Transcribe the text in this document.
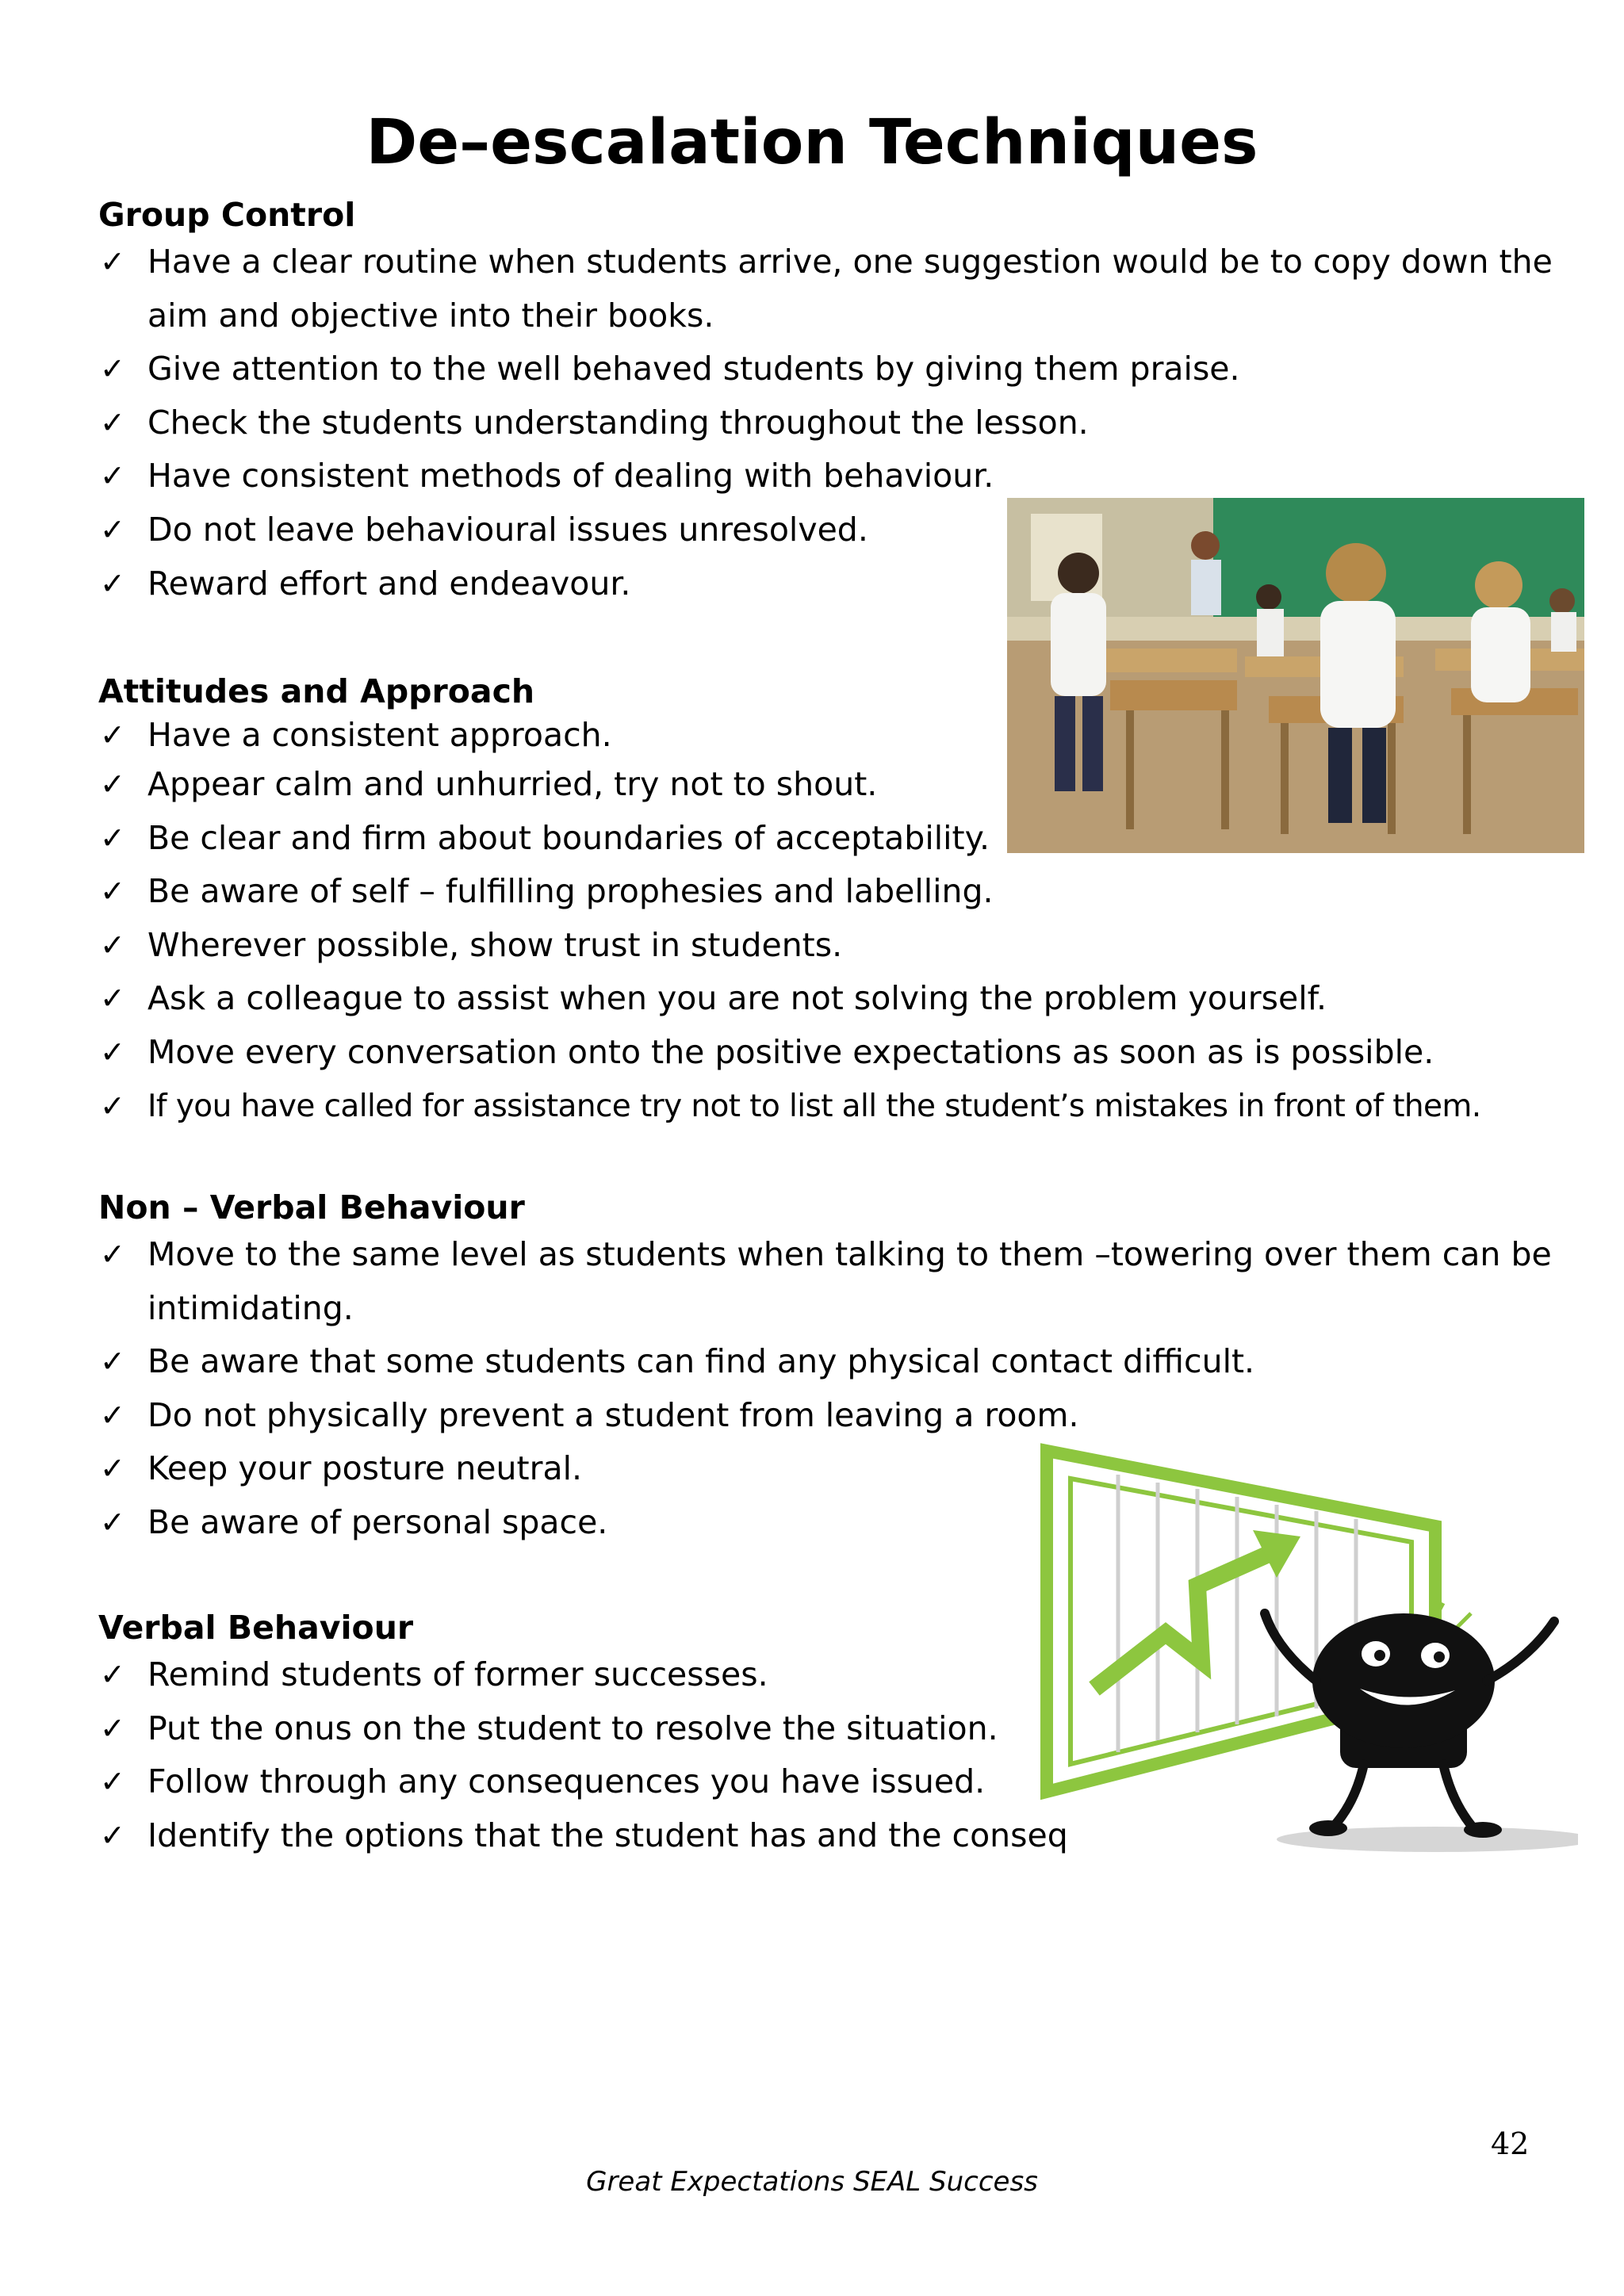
De–escalation Techniques
Group Control
✓ Have a clear routine when students arrive, one suggestion would be to copy down the aim and objective into their books.
✓ Give attention to the well behaved students by giving them praise.
✓ Check the students understanding throughout the lesson.
✓ Have consistent methods of dealing with behaviour.
✓ Do not leave behavioural issues unresolved.
✓ Reward effort and endeavour.
Attitudes and Approach
✓ Have a consistent approach.
✓ Appear calm and unhurried, try not to shout.
✓ Be clear and firm about boundaries of acceptability.
✓ Be aware of self – fulfilling prophesies and labelling.
✓ Wherever possible, show trust in students.
✓ Ask a colleague to assist when you are not solving the problem yourself.
✓ Move every conversation onto the positive expectations as soon as is possible.
✓ If you have called for assistance try not to list all the student’s mistakes in front of them.
Non – Verbal Behaviour
✓ Move to the same level as students when talking to them –towering over them can be intimidating.
✓ Be aware that some students can find any physical contact difficult.
✓ Do not physically prevent a student from leaving a room.
✓ Keep your posture neutral.
✓ Be aware of personal space.
Verbal Behaviour
✓ Remind students of former successes.
✓ Put the onus on the student to resolve the situation.
✓ Follow through any consequences you have issued.
✓ Identify the options that the student has and the conseq
42
Great Expectations SEAL Success
